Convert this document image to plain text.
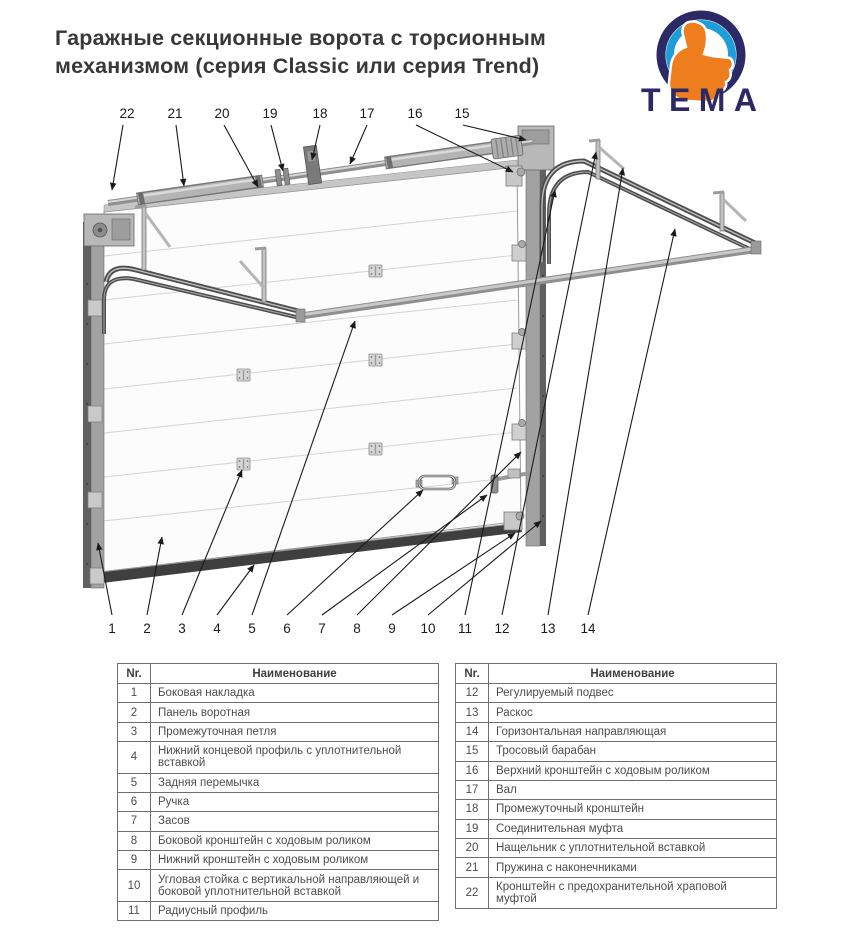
Гаражные секционные ворота с торсионным
механизмом (серия Classic или серия Trend)
TEMA
22 21 20 19	18 17 16 15
1 2 3 4 5 6 7 8 9 10 11 12 13 14
Nr.	Наименование
1	Боковая накладка
2	Панель воротная
3	Промежуточная петля
4	Нижний концевой профиль с уплотнительной вставкой
5	Задняя перемычка
6	Ручка
7	Засов
8	Боковой кронштейн с ходовым роликом
9	Нижний кронштейн с ходовым роликом
10	Угловая стойка с вертикальной направляющей и боковой уплотнительной вставкой
11	Радиусный профиль
Nr.	Наименование
12	Регулируемый подвес
13	Раскос
14	Горизонтальная направляющая
15	Тросовый барабан
16	Верхний кронштейн с ходовым роликом
17	Вал
18	Промежуточный кронштейн
19	Соединительная муфта
20	Нащельник с уплотнительной вставкой
21	Пружина с наконечниками
22	Кронштейн с предохранительной храповой муфтой
